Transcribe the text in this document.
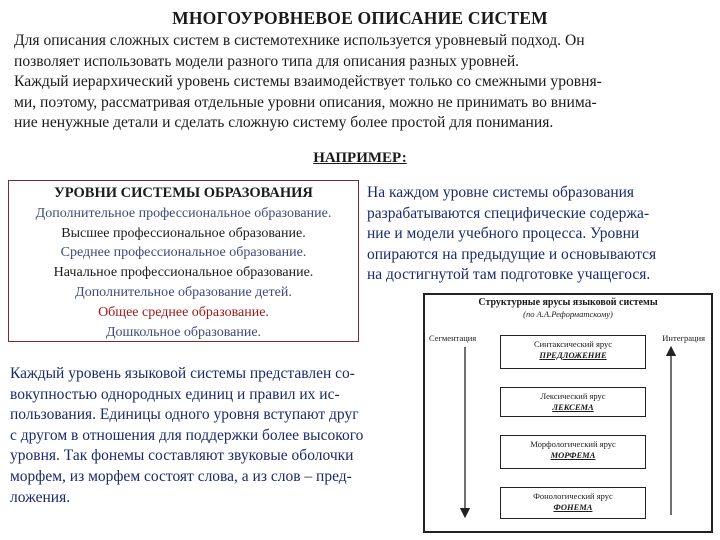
МНОГОУРОВНЕВОЕ ОПИСАНИЕ СИСТЕМ
Для описания сложных систем в системотехнике используется уровневый подход. Он
позволяет использовать модели разного типа для описания разных уровней.
Каждый иерархический уровень системы взаимодействует только со смежными уровня-
ми, поэтому, рассматривая отдельные уровни описания, можно не принимать во внима-
ние ненужные детали и сделать сложную систему более простой для понимания.
НАПРИМЕР:
УРОВНИ СИСТЕМЫ ОБРАЗОВАНИЯ
Дополнительное профессиональное образование.
Высшее профессиональное образование.
Среднее профессиональное образование.
Начальное профессиональное образование.
Дополнительное образование детей.
Общее среднее образование.
Дошкольное образование.
На каждом уровне системы образования
разрабатываются специфические содержа-
ние и модели учебного процесса. Уровни
опираются на предыдущие и основываются
на достигнутой там подготовке учащегося.
Каждый уровень языковой системы представлен со-
вокупностью однородных единиц и правил их ис-
пользования. Единицы одного уровня вступают друг
с другом в отношения для поддержки более высокого
уровня. Так фонемы составляют звуковые оболочки
морфем, из морфем состоят слова, а из слов – пред-
ложения.
Структурные ярусы языковой системы
(по А.А.Реформатскому)
Сегментация	Интеграция
Синтаксический ярус
ПРЕДЛОЖЕНИЕ
Лексический ярус
ЛЕКСЕМА
Морфологический ярус
МОРФЕМА
Фонологический ярус
ФОНЕМА
